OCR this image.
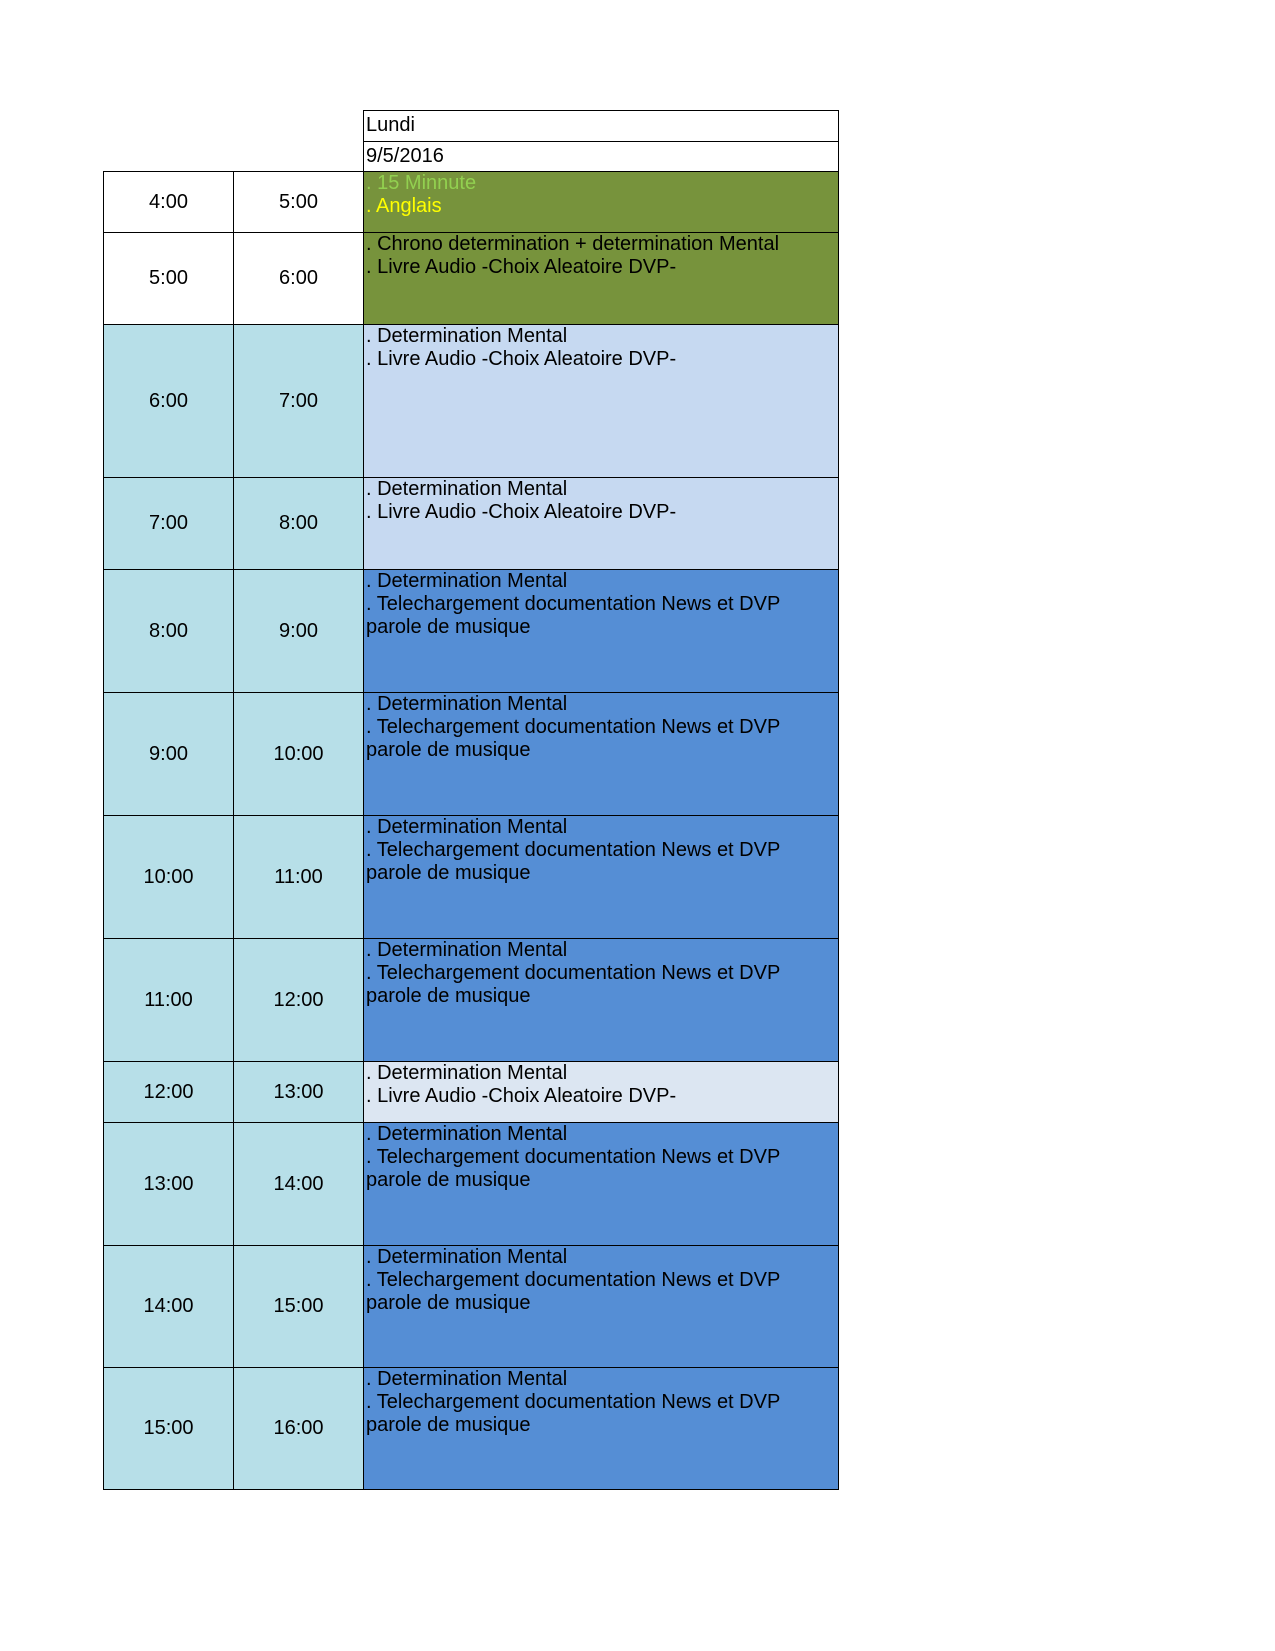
Lundi
9/5/2016
4:00	5:00
. 15 Minnute
. Anglais
5:00	6:00
. Chrono determination + determination Mental
. Livre Audio -Choix Aleatoire DVP-
6:00	7:00
. Determination Mental
. Livre Audio -Choix Aleatoire DVP-
7:00	8:00
. Determination Mental
. Livre Audio -Choix Aleatoire DVP-
8:00	9:00
. Determination Mental
. Telechargement documentation News et DVP
parole de musique
9:00	10:00
. Determination Mental
. Telechargement documentation News et DVP
parole de musique
10:00	11:00
. Determination Mental
. Telechargement documentation News et DVP
parole de musique
11:00	12:00
. Determination Mental
. Telechargement documentation News et DVP
parole de musique
12:00	13:00
. Determination Mental
. Livre Audio -Choix Aleatoire DVP-
13:00	14:00
. Determination Mental
. Telechargement documentation News et DVP
parole de musique
14:00	15:00
. Determination Mental
. Telechargement documentation News et DVP
parole de musique
15:00	16:00
. Determination Mental
. Telechargement documentation News et DVP
parole de musique
